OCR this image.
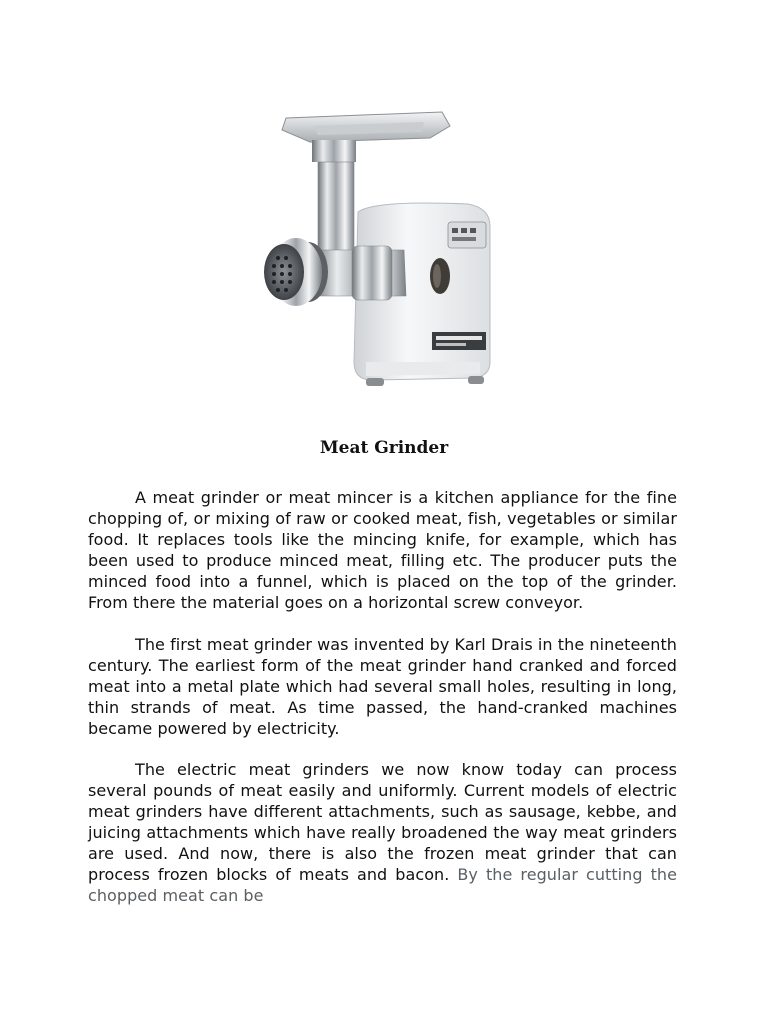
Meat Grinder

A meat grinder or meat mincer is a kitchen appliance for the fine chopping of, or mixing of raw or cooked meat, fish, vegetables or similar food. It replaces tools like the mincing knife, for example, which has been used to produce minced meat, filling etc. The producer puts the minced food into a funnel, which is placed on the top of the grinder. From there the material goes on a horizontal screw conveyor.

The first meat grinder was invented by Karl Drais in the nineteenth century. The earliest form of the meat grinder hand cranked and forced meat into a metal plate which had several small holes, resulting in long, thin strands of meat. As time passed, the hand-cranked machines became powered by electricity.

The electric meat grinders we now know today can process several pounds of meat easily and uniformly. Current models of electric meat grinders have different attachments, such as sausage, kebbe, and juicing attachments which have really broadened the way meat grinders are used. And now, there is also the frozen meat grinder that can process frozen blocks of meats and bacon. By the regular cutting the chopped meat can be
